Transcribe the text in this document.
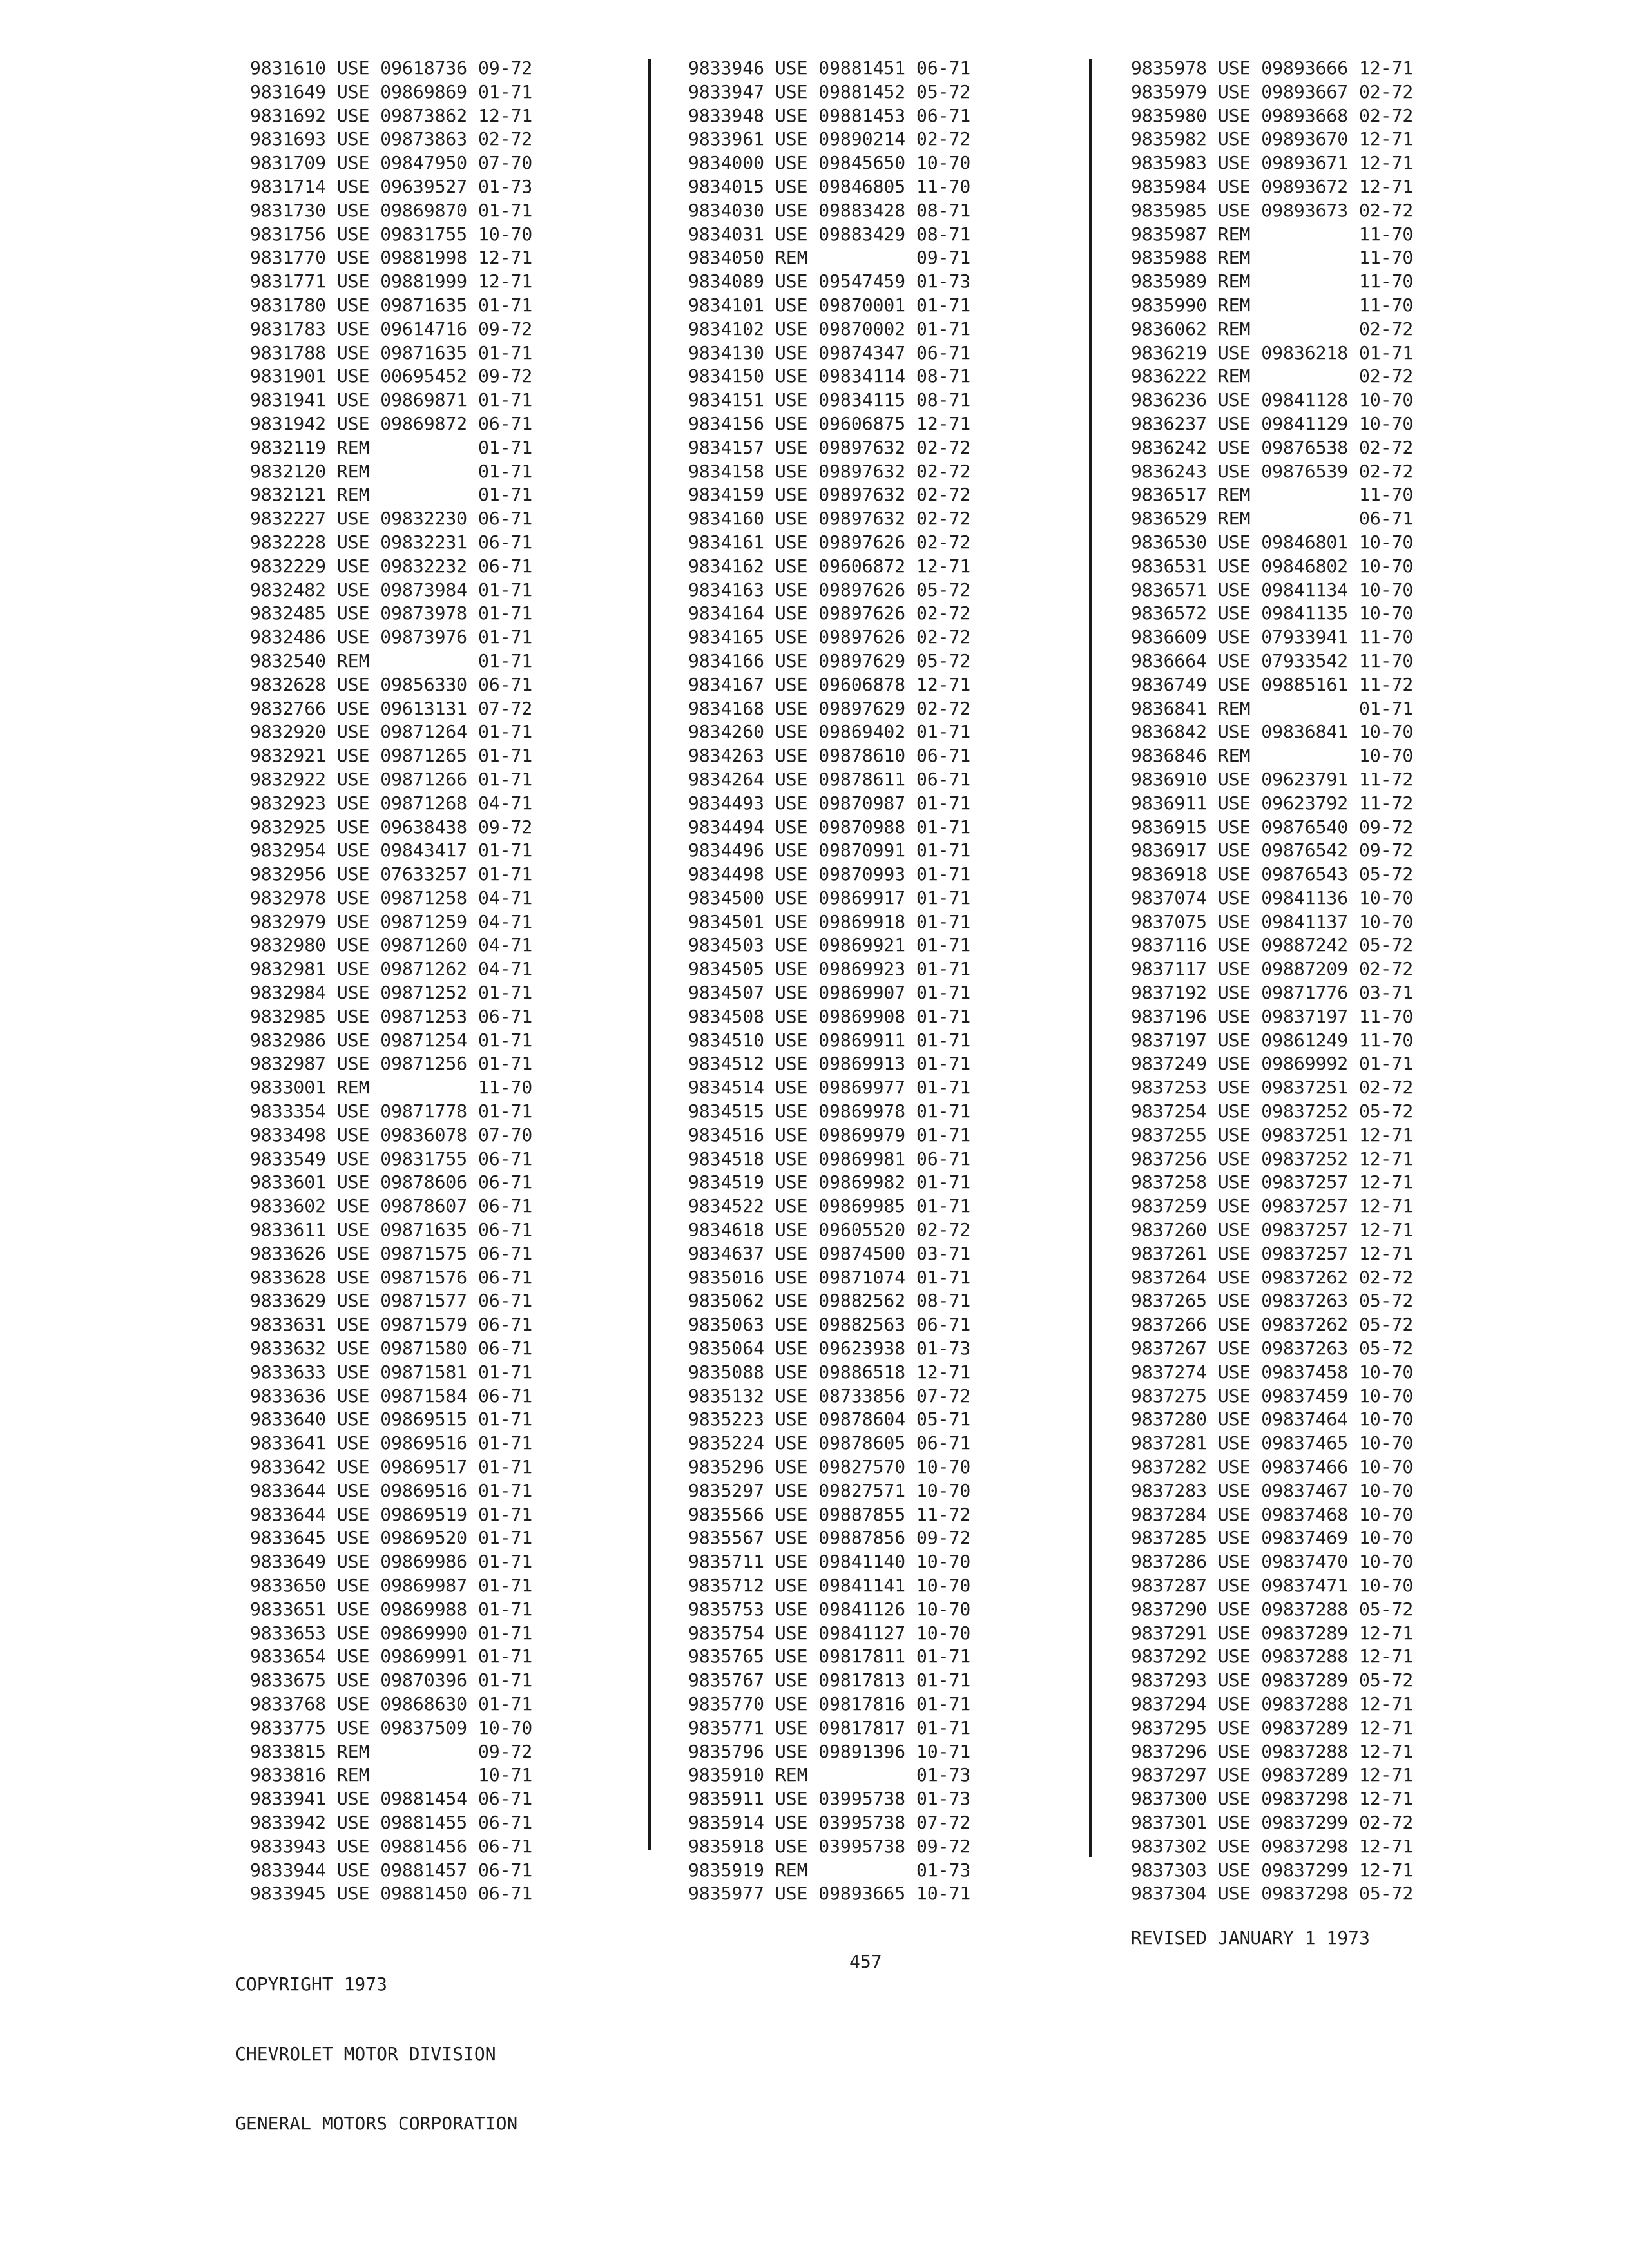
9831610 USE 09618736 09-72
9831649 USE 09869869 01-71
9831692 USE 09873862 12-71
9831693 USE 09873863 02-72
9831709 USE 09847950 07-70
9831714 USE 09639527 01-73
9831730 USE 09869870 01-71
9831756 USE 09831755 10-70
9831770 USE 09881998 12-71
9831771 USE 09881999 12-71
9831780 USE 09871635 01-71
9831783 USE 09614716 09-72
9831788 USE 09871635 01-71
9831901 USE 00695452 09-72
9831941 USE 09869871 01-71
9831942 USE 09869872 06-71
9832119 REM          01-71
9832120 REM          01-71
9832121 REM          01-71
9832227 USE 09832230 06-71
9832228 USE 09832231 06-71
9832229 USE 09832232 06-71
9832482 USE 09873984 01-71
9832485 USE 09873978 01-71
9832486 USE 09873976 01-71
9832540 REM          01-71
9832628 USE 09856330 06-71
9832766 USE 09613131 07-72
9832920 USE 09871264 01-71
9832921 USE 09871265 01-71
9832922 USE 09871266 01-71
9832923 USE 09871268 04-71
9832925 USE 09638438 09-72
9832954 USE 09843417 01-71
9832956 USE 07633257 01-71
9832978 USE 09871258 04-71
9832979 USE 09871259 04-71
9832980 USE 09871260 04-71
9832981 USE 09871262 04-71
9832984 USE 09871252 01-71
9832985 USE 09871253 06-71
9832986 USE 09871254 01-71
9832987 USE 09871256 01-71
9833001 REM          11-70
9833354 USE 09871778 01-71
9833498 USE 09836078 07-70
9833549 USE 09831755 06-71
9833601 USE 09878606 06-71
9833602 USE 09878607 06-71
9833611 USE 09871635 06-71
9833626 USE 09871575 06-71
9833628 USE 09871576 06-71
9833629 USE 09871577 06-71
9833631 USE 09871579 06-71
9833632 USE 09871580 06-71
9833633 USE 09871581 01-71
9833636 USE 09871584 06-71
9833640 USE 09869515 01-71
9833641 USE 09869516 01-71
9833642 USE 09869517 01-71
9833644 USE 09869516 01-71
9833644 USE 09869519 01-71
9833645 USE 09869520 01-71
9833649 USE 09869986 01-71
9833650 USE 09869987 01-71
9833651 USE 09869988 01-71
9833653 USE 09869990 01-71
9833654 USE 09869991 01-71
9833675 USE 09870396 01-71
9833768 USE 09868630 01-71
9833775 USE 09837509 10-70
9833815 REM          09-72
9833816 REM          10-71
9833941 USE 09881454 06-71
9833942 USE 09881455 06-71
9833943 USE 09881456 06-71
9833944 USE 09881457 06-71
9833945 USE 09881450 06-71
9833946 USE 09881451 06-71
9833947 USE 09881452 05-72
9833948 USE 09881453 06-71
9833961 USE 09890214 02-72
9834000 USE 09845650 10-70
9834015 USE 09846805 11-70
9834030 USE 09883428 08-71
9834031 USE 09883429 08-71
9834050 REM          09-71
9834089 USE 09547459 01-73
9834101 USE 09870001 01-71
9834102 USE 09870002 01-71
9834130 USE 09874347 06-71
9834150 USE 09834114 08-71
9834151 USE 09834115 08-71
9834156 USE 09606875 12-71
9834157 USE 09897632 02-72
9834158 USE 09897632 02-72
9834159 USE 09897632 02-72
9834160 USE 09897632 02-72
9834161 USE 09897626 02-72
9834162 USE 09606872 12-71
9834163 USE 09897626 05-72
9834164 USE 09897626 02-72
9834165 USE 09897626 02-72
9834166 USE 09897629 05-72
9834167 USE 09606878 12-71
9834168 USE 09897629 02-72
9834260 USE 09869402 01-71
9834263 USE 09878610 06-71
9834264 USE 09878611 06-71
9834493 USE 09870987 01-71
9834494 USE 09870988 01-71
9834496 USE 09870991 01-71
9834498 USE 09870993 01-71
9834500 USE 09869917 01-71
9834501 USE 09869918 01-71
9834503 USE 09869921 01-71
9834505 USE 09869923 01-71
9834507 USE 09869907 01-71
9834508 USE 09869908 01-71
9834510 USE 09869911 01-71
9834512 USE 09869913 01-71
9834514 USE 09869977 01-71
9834515 USE 09869978 01-71
9834516 USE 09869979 01-71
9834518 USE 09869981 06-71
9834519 USE 09869982 01-71
9834522 USE 09869985 01-71
9834618 USE 09605520 02-72
9834637 USE 09874500 03-71
9835016 USE 09871074 01-71
9835062 USE 09882562 08-71
9835063 USE 09882563 06-71
9835064 USE 09623938 01-73
9835088 USE 09886518 12-71
9835132 USE 08733856 07-72
9835223 USE 09878604 05-71
9835224 USE 09878605 06-71
9835296 USE 09827570 10-70
9835297 USE 09827571 10-70
9835566 USE 09887855 11-72
9835567 USE 09887856 09-72
9835711 USE 09841140 10-70
9835712 USE 09841141 10-70
9835753 USE 09841126 10-70
9835754 USE 09841127 10-70
9835765 USE 09817811 01-71
9835767 USE 09817813 01-71
9835770 USE 09817816 01-71
9835771 USE 09817817 01-71
9835796 USE 09891396 10-71
9835910 REM          01-73
9835911 USE 03995738 01-73
9835914 USE 03995738 07-72
9835918 USE 03995738 09-72
9835919 REM          01-73
9835977 USE 09893665 10-71
9835978 USE 09893666 12-71
9835979 USE 09893667 02-72
9835980 USE 09893668 02-72
9835982 USE 09893670 12-71
9835983 USE 09893671 12-71
9835984 USE 09893672 12-71
9835985 USE 09893673 02-72
9835987 REM          11-70
9835988 REM          11-70
9835989 REM          11-70
9835990 REM          11-70
9836062 REM          02-72
9836219 USE 09836218 01-71
9836222 REM          02-72
9836236 USE 09841128 10-70
9836237 USE 09841129 10-70
9836242 USE 09876538 02-72
9836243 USE 09876539 02-72
9836517 REM          11-70
9836529 REM          06-71
9836530 USE 09846801 10-70
9836531 USE 09846802 10-70
9836571 USE 09841134 10-70
9836572 USE 09841135 10-70
9836609 USE 07933941 11-70
9836664 USE 07933542 11-70
9836749 USE 09885161 11-72
9836841 REM          01-71
9836842 USE 09836841 10-70
9836846 REM          10-70
9836910 USE 09623791 11-72
9836911 USE 09623792 11-72
9836915 USE 09876540 09-72
9836917 USE 09876542 09-72
9836918 USE 09876543 05-72
9837074 USE 09841136 10-70
9837075 USE 09841137 10-70
9837116 USE 09887242 05-72
9837117 USE 09887209 02-72
9837192 USE 09871776 03-71
9837196 USE 09837197 11-70
9837197 USE 09861249 11-70
9837249 USE 09869992 01-71
9837253 USE 09837251 02-72
9837254 USE 09837252 05-72
9837255 USE 09837251 12-71
9837256 USE 09837252 12-71
9837258 USE 09837257 12-71
9837259 USE 09837257 12-71
9837260 USE 09837257 12-71
9837261 USE 09837257 12-71
9837264 USE 09837262 02-72
9837265 USE 09837263 05-72
9837266 USE 09837262 05-72
9837267 USE 09837263 05-72
9837274 USE 09837458 10-70
9837275 USE 09837459 10-70
9837280 USE 09837464 10-70
9837281 USE 09837465 10-70
9837282 USE 09837466 10-70
9837283 USE 09837467 10-70
9837284 USE 09837468 10-70
9837285 USE 09837469 10-70
9837286 USE 09837470 10-70
9837287 USE 09837471 10-70
9837290 USE 09837288 05-72
9837291 USE 09837289 12-71
9837292 USE 09837288 12-71
9837293 USE 09837289 05-72
9837294 USE 09837288 12-71
9837295 USE 09837289 12-71
9837296 USE 09837288 12-71
9837297 USE 09837289 12-71
9837300 USE 09837298 12-71
9837301 USE 09837299 02-72
9837302 USE 09837298 12-71
9837303 USE 09837299 12-71
9837304 USE 09837298 05-72

COPYRIGHT 1973

CHEVROLET MOTOR DIVISION

GENERAL MOTORS CORPORATION

457
REVISED JANUARY 1 1973
